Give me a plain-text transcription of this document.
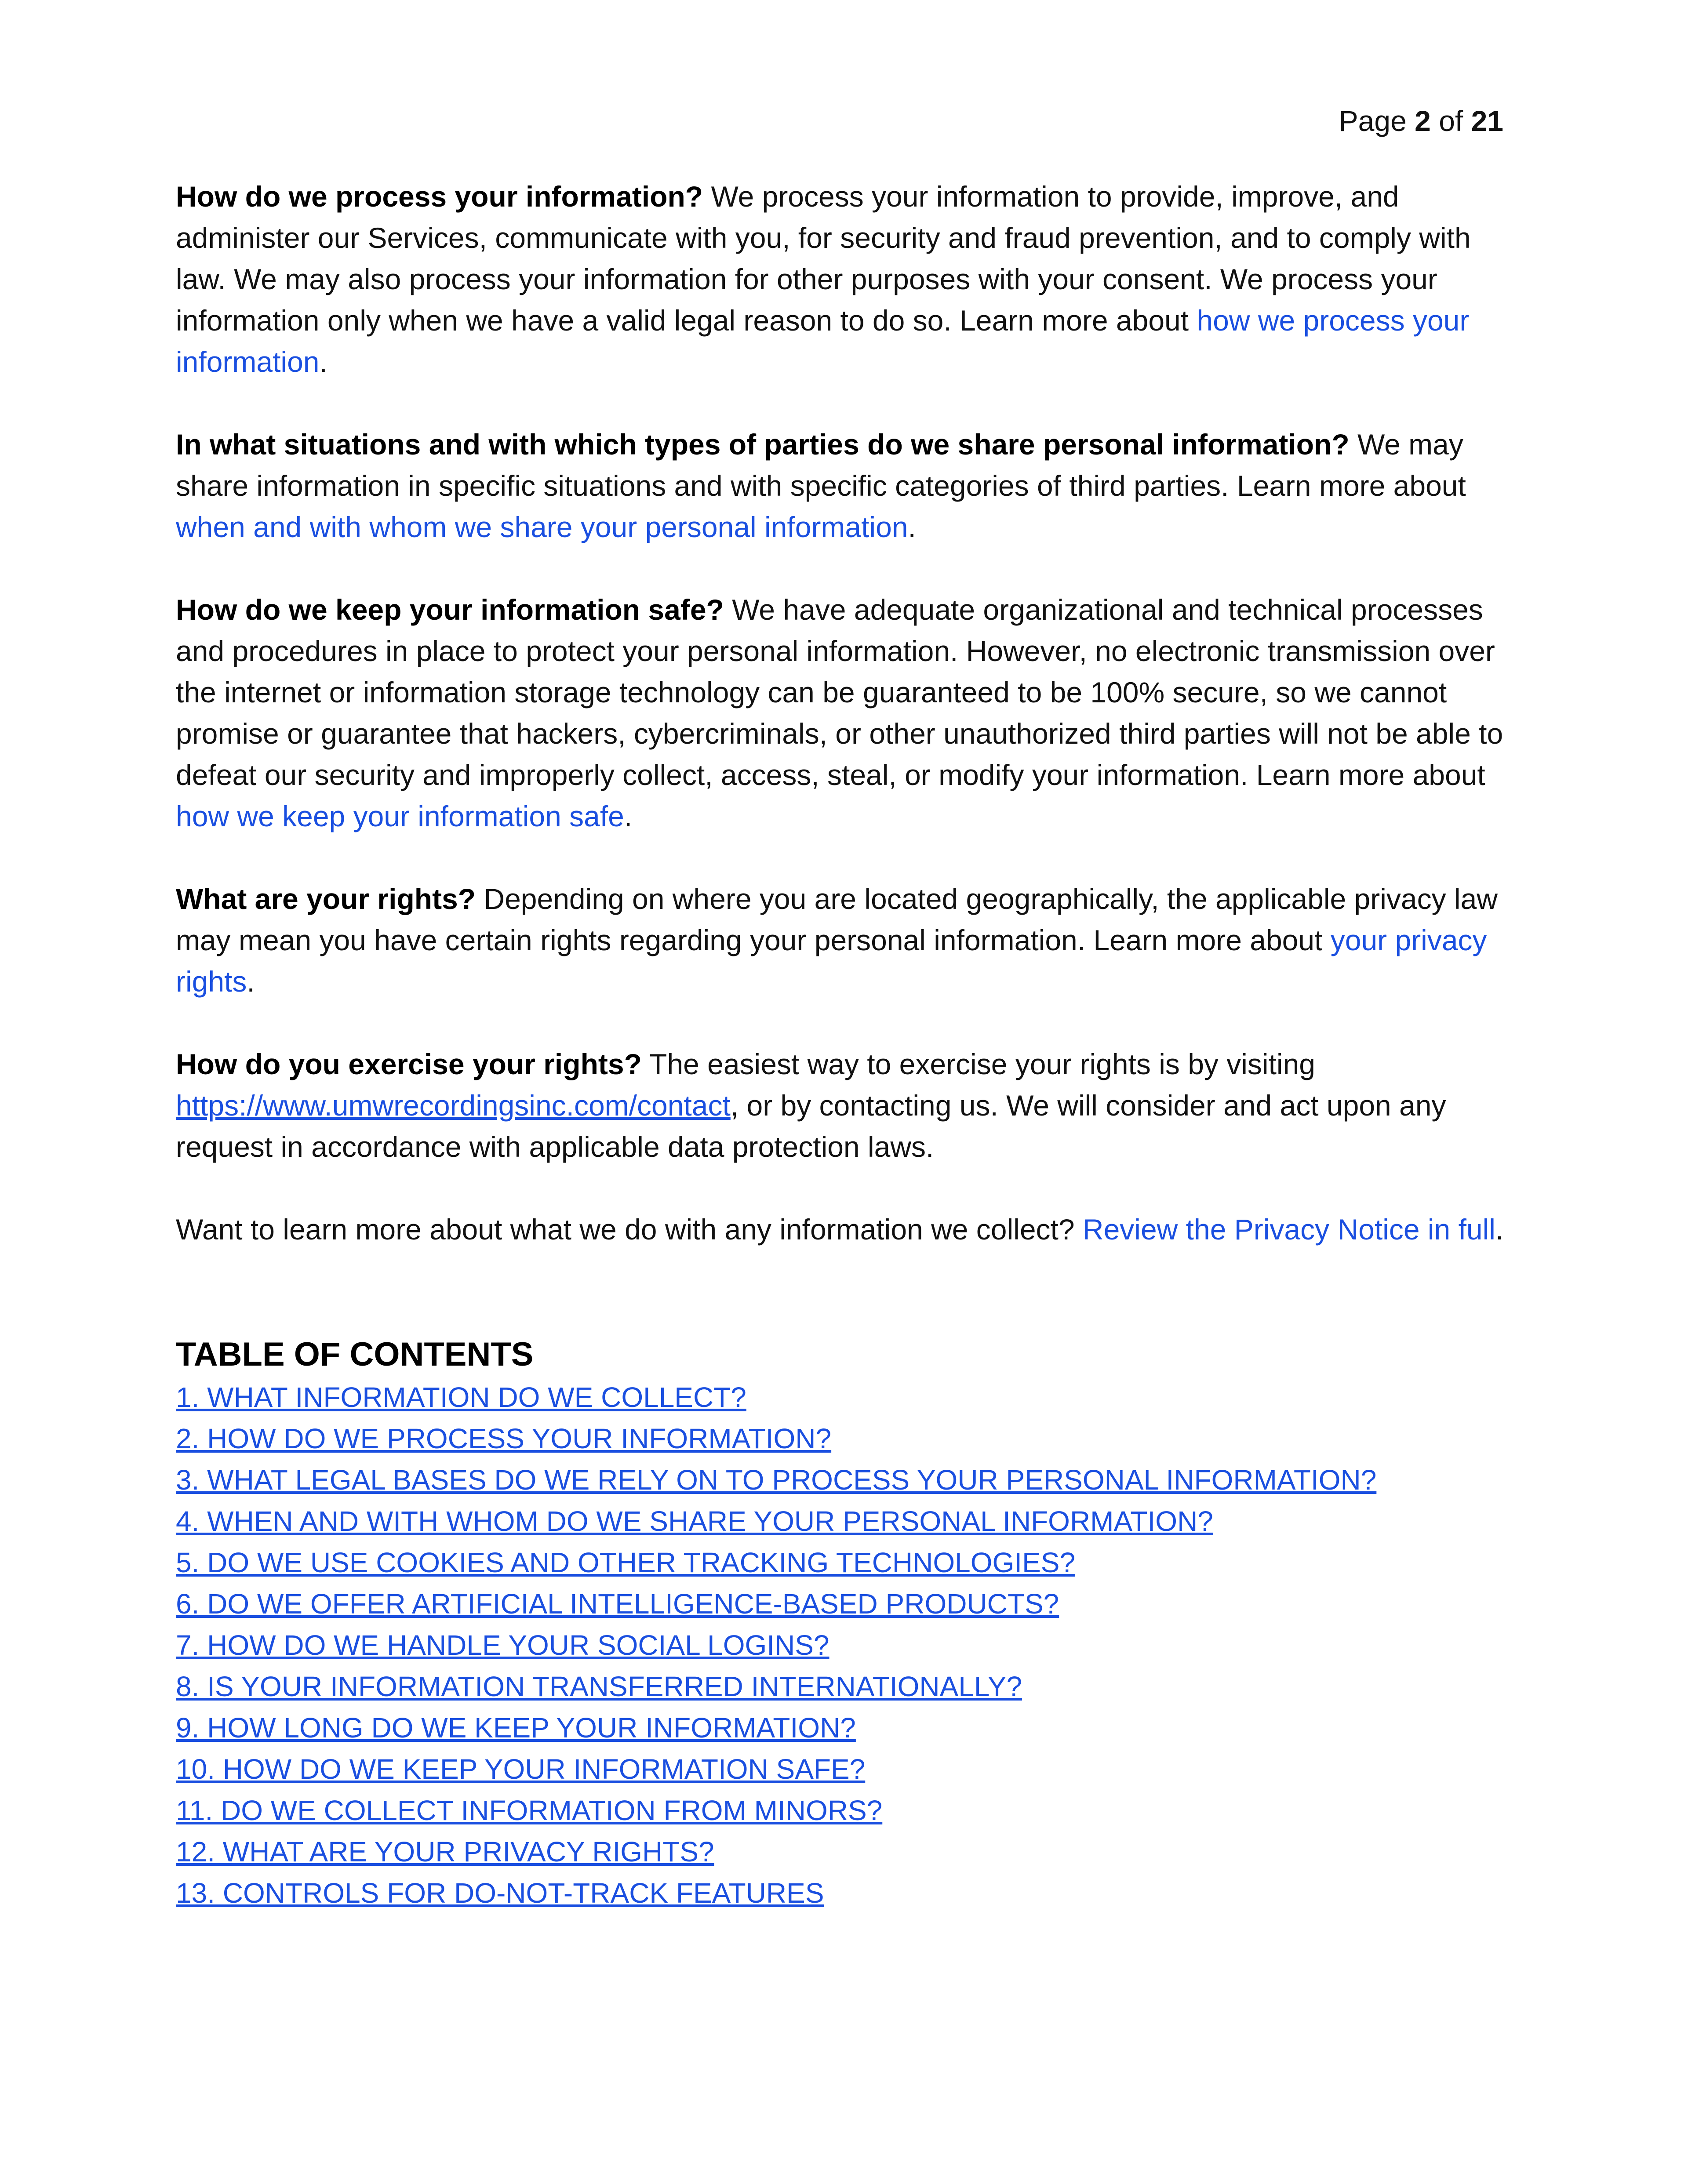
Page 2 of 21

How do we process your information? We process your information to provide, improve, and administer our Services, communicate with you, for security and fraud prevention, and to comply with law. We may also process your information for other purposes with your consent. We process your information only when we have a valid legal reason to do so. Learn more about how we process your information.

In what situations and with which types of parties do we share personal information? We may share information in specific situations and with specific categories of third parties. Learn more about when and with whom we share your personal information.

How do we keep your information safe? We have adequate organizational and technical processes and procedures in place to protect your personal information. However, no electronic transmission over the internet or information storage technology can be guaranteed to be 100% secure, so we cannot promise or guarantee that hackers, cybercriminals, or other unauthorized third parties will not be able to defeat our security and improperly collect, access, steal, or modify your information. Learn more about how we keep your information safe.

What are your rights? Depending on where you are located geographically, the applicable privacy law may mean you have certain rights regarding your personal information. Learn more about your privacy rights.

How do you exercise your rights? The easiest way to exercise your rights is by visiting https://www.umwrecordingsinc.com/contact, or by contacting us. We will consider and act upon any request in accordance with applicable data protection laws.

Want to learn more about what we do with any information we collect? Review the Privacy Notice in full.

TABLE OF CONTENTS
1. WHAT INFORMATION DO WE COLLECT?
2. HOW DO WE PROCESS YOUR INFORMATION?
3. WHAT LEGAL BASES DO WE RELY ON TO PROCESS YOUR PERSONAL INFORMATION?
4. WHEN AND WITH WHOM DO WE SHARE YOUR PERSONAL INFORMATION?
5. DO WE USE COOKIES AND OTHER TRACKING TECHNOLOGIES?
6. DO WE OFFER ARTIFICIAL INTELLIGENCE-BASED PRODUCTS?
7. HOW DO WE HANDLE YOUR SOCIAL LOGINS?
8. IS YOUR INFORMATION TRANSFERRED INTERNATIONALLY?
9. HOW LONG DO WE KEEP YOUR INFORMATION?
10. HOW DO WE KEEP YOUR INFORMATION SAFE?
11. DO WE COLLECT INFORMATION FROM MINORS?
12. WHAT ARE YOUR PRIVACY RIGHTS?
13. CONTROLS FOR DO-NOT-TRACK FEATURES
